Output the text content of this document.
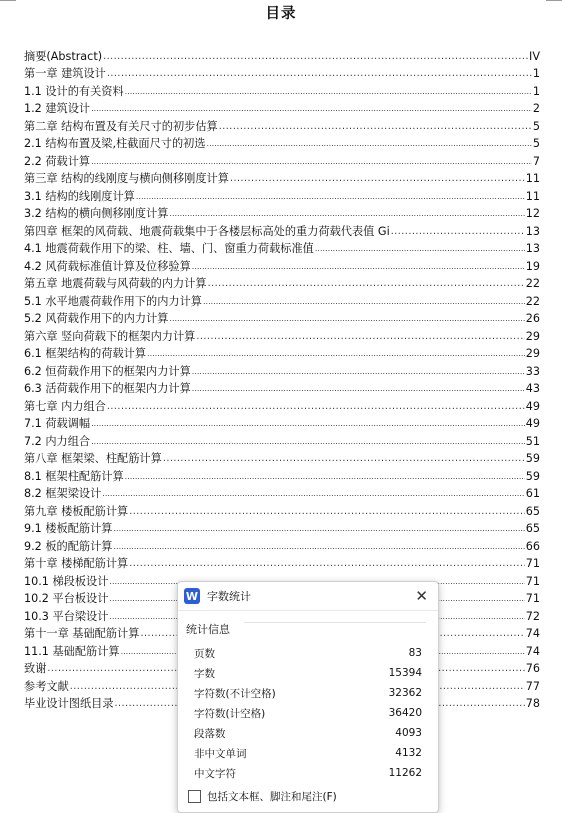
目录
摘要(Abstract) .....	IV
第一章 建筑设计 .....	1
1.1 设计的有关资料 .....	1
1.2 建筑设计 .....	2
第二章 结构布置及有关尺寸的初步估算 .....	5
2.1 结构布置及梁,柱截面尺寸的初选 .....	5
2.2 荷载计算 .....	7
第三章 结构的线刚度与横向侧移刚度计算 .....	11
3.1 结构的线刚度计算 .....	11
3.2 结构的横向侧移刚度计算 .....	12
第四章 框架的风荷载、地震荷载集中于各楼层标高处的重力荷载代表值 Gi .....	13
4.1 地震荷载作用下的梁、柱、墙、门、窗重力荷载标准值 .....	13
4.2 风荷载标准值计算及位移验算 .....	19
第五章 地震荷载与风荷载的内力计算 .....	22
5.1 水平地震荷载作用下的内力计算 .....	22
5.2 风荷载作用下的内力计算 .....	26
第六章 竖向荷载下的框架内力计算 .....	29
6.1 框架结构的荷载计算 .....	29
6.2 恒荷载作用下的框架内力计算 .....	33
6.3 活荷载作用下的框架内力计算 .....	43
第七章 内力组合 .....	49
7.1 荷载调幅 .....	49
7.2 内力组合 .....	51
第八章 框架梁、柱配筋计算 .....	59
8.1 框架柱配筋计算 .....	59
8.2 框架梁设计 .....	61
第九章 楼板配筋计算 .....	65
9.1 楼板配筋计算 .....	65
9.2 板的配筋计算 .....	66
第十章 楼梯配筋计算 .....	71
10.1 梯段板设计 .....	71
10.2 平台板设计 .....	71
10.3 平台梁设计 .....	72
第十一章 基础配筋计算 .....	74
11.1 基础配筋计算 .....	74
致谢 .....	76
参考文献 .....	77
毕业设计图纸目录 .....	78
W 字数统计	✕
统计信息
页数	83
字数	15394
字符数(不计空格)	32362
字符数(计空格)	36420
段落数	4093
非中文单词	4132
中文字符	11262
包括文本框、脚注和尾注(F)
